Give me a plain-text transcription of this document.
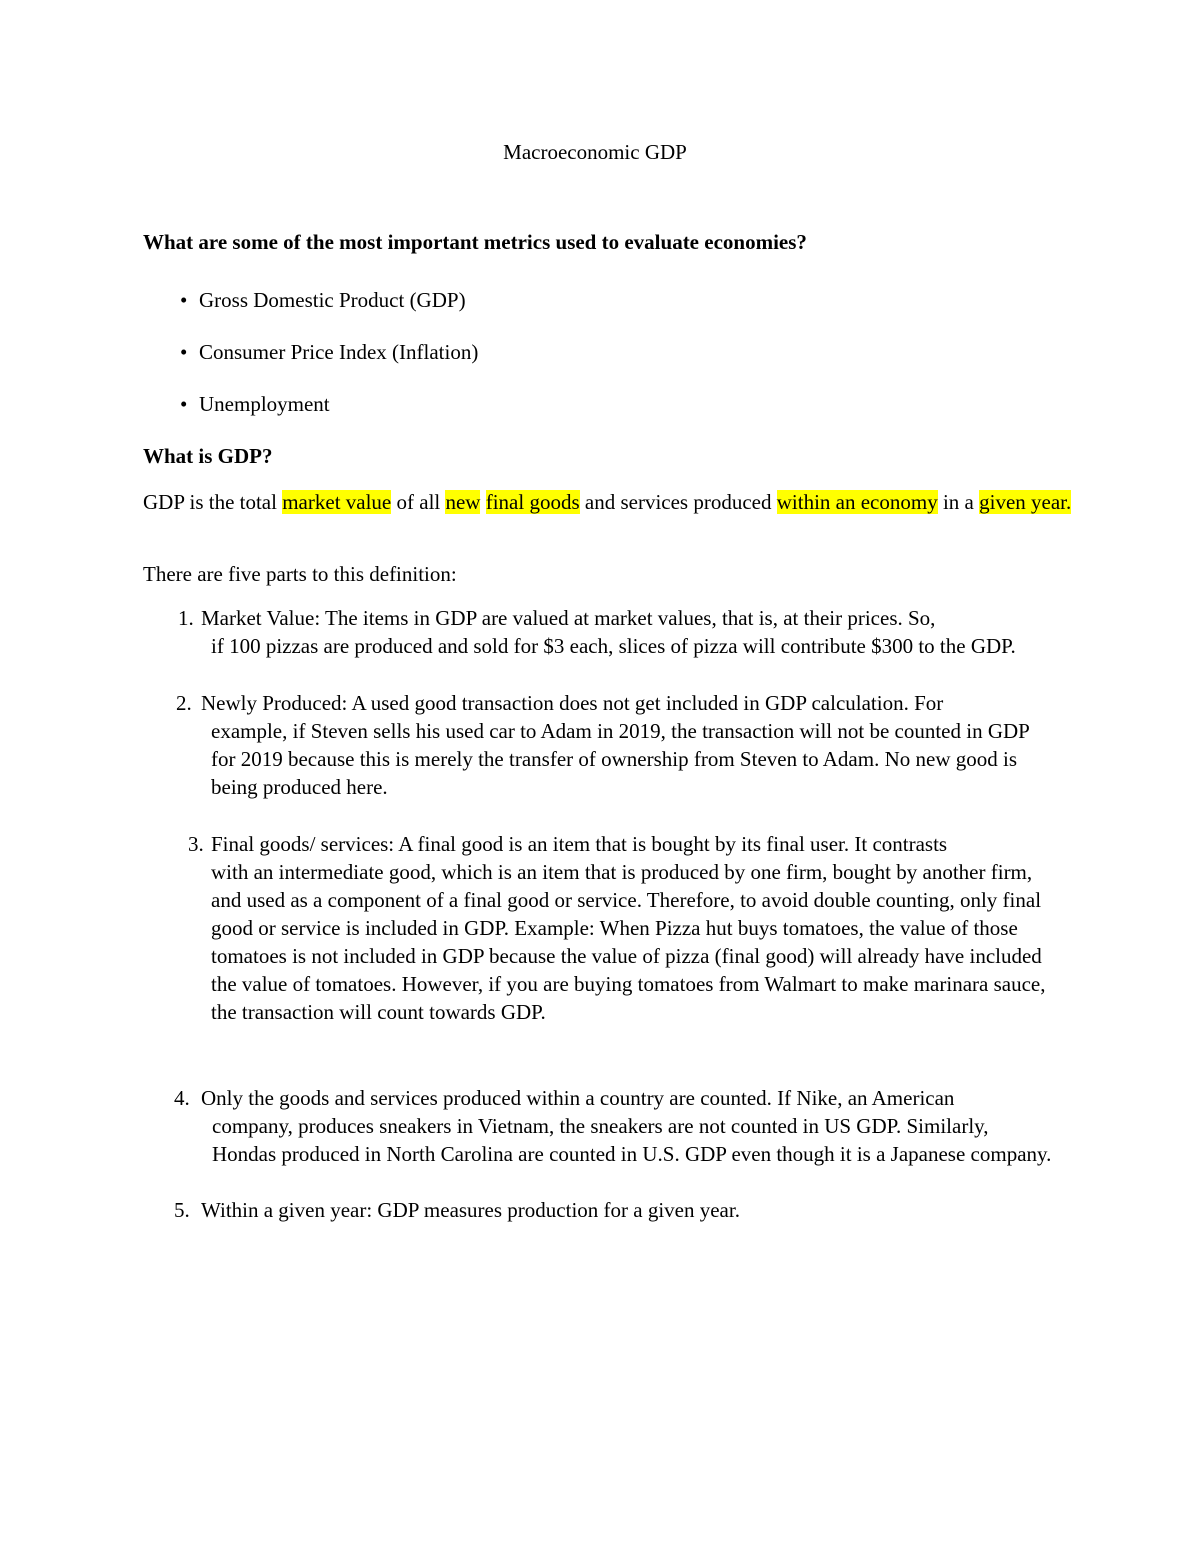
Macroeconomic GDP
What are some of the most important metrics used to evaluate economies?
• Gross Domestic Product (GDP)
• Consumer Price Index (Inflation)
• Unemployment
What is GDP?
GDP is the total market value of all new final goods and services produced within an economy in a given year.
There are five parts to this definition:
1. Market Value: The items in GDP are valued at market values, that is, at their prices. So,
if 100 pizzas are produced and sold for $3 each, slices of pizza will contribute $300 to the GDP.
2. Newly Produced: A used good transaction does not get included in GDP calculation. For
example, if Steven sells his used car to Adam in 2019, the transaction will not be counted in GDP for 2019 because this is merely the transfer of ownership from Steven to Adam. No new good is being produced here.
3. Final goods/ services: A final good is an item that is bought by its final user. It contrasts
with an intermediate good, which is an item that is produced by one firm, bought by another firm, and used as a component of a final good or service. Therefore, to avoid double counting, only final good or service is included in GDP. Example: When Pizza hut buys tomatoes, the value of those tomatoes is not included in GDP because the value of pizza (final good) will already have included the value of tomatoes. However, if you are buying tomatoes from Walmart to make marinara sauce, the transaction will count towards GDP.
4. Only the goods and services produced within a country are counted. If Nike, an American
company, produces sneakers in Vietnam, the sneakers are not counted in US GDP. Similarly, Hondas produced in North Carolina are counted in U.S. GDP even though it is a Japanese company.
5. Within a given year: GDP measures production for a given year.
